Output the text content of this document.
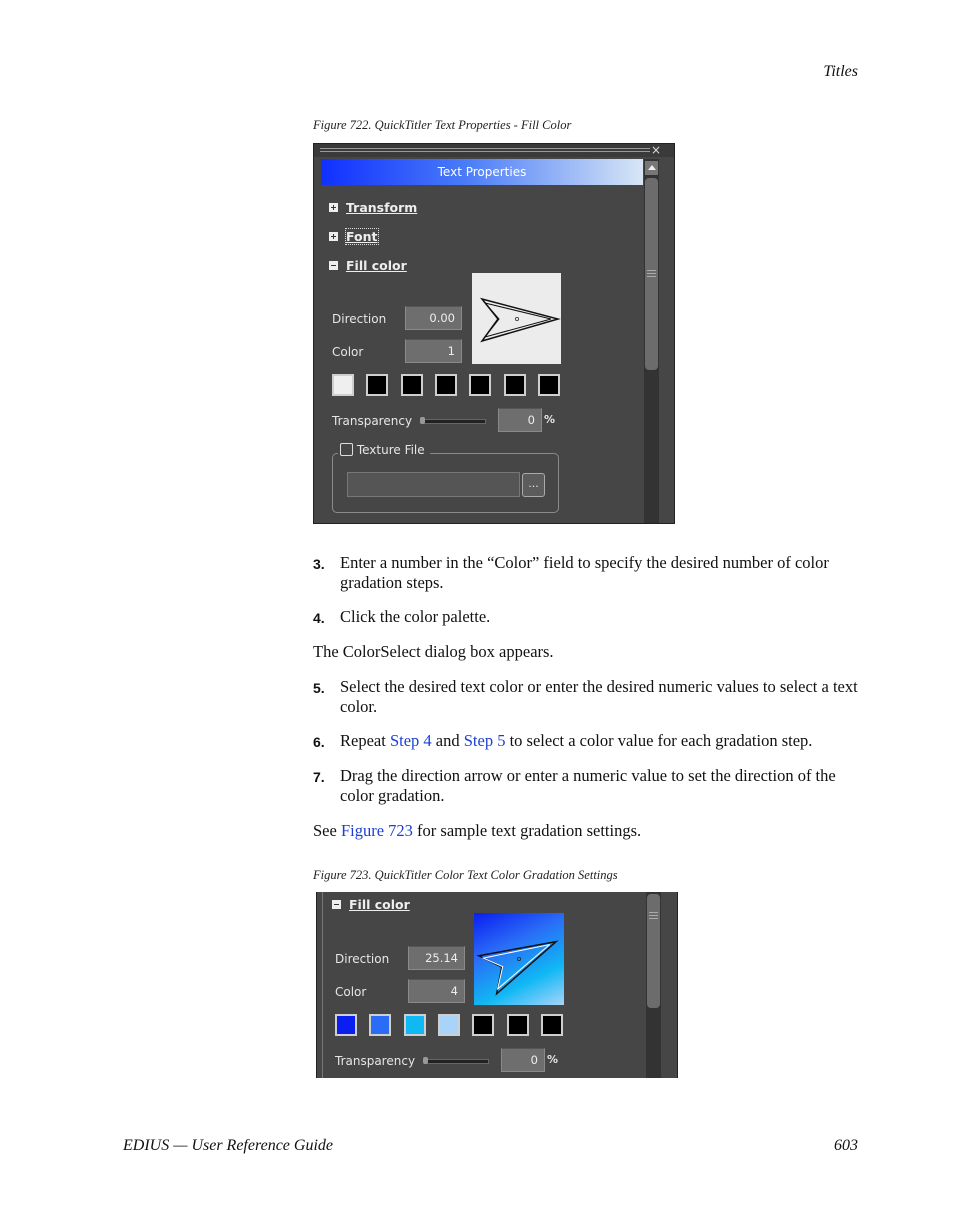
Titles
Figure 722. QuickTitler Text Properties - Fill Color
×
Text Properties
Transform
Font
Fill color
Direction	0.00
Color	1
Transparency	0 %
Texture File
...
3. Enter a number in the “Color” field to specify the desired number of color gradation steps.
4. Click the color palette.
The ColorSelect dialog box appears.
5. Select the desired text color or enter the desired numeric values to select a text color.
6. Repeat Step 4 and Step 5 to select a color value for each gradation step.
7. Drag the direction arrow or enter a numeric value to set the direction of the color gradation.
See Figure 723 for sample text gradation settings.
Figure 723. QuickTitler Color Text Color Gradation Settings
Fill color
Direction	25.14
Color	4
Transparency	0 %
EDIUS — User Reference Guide	603
